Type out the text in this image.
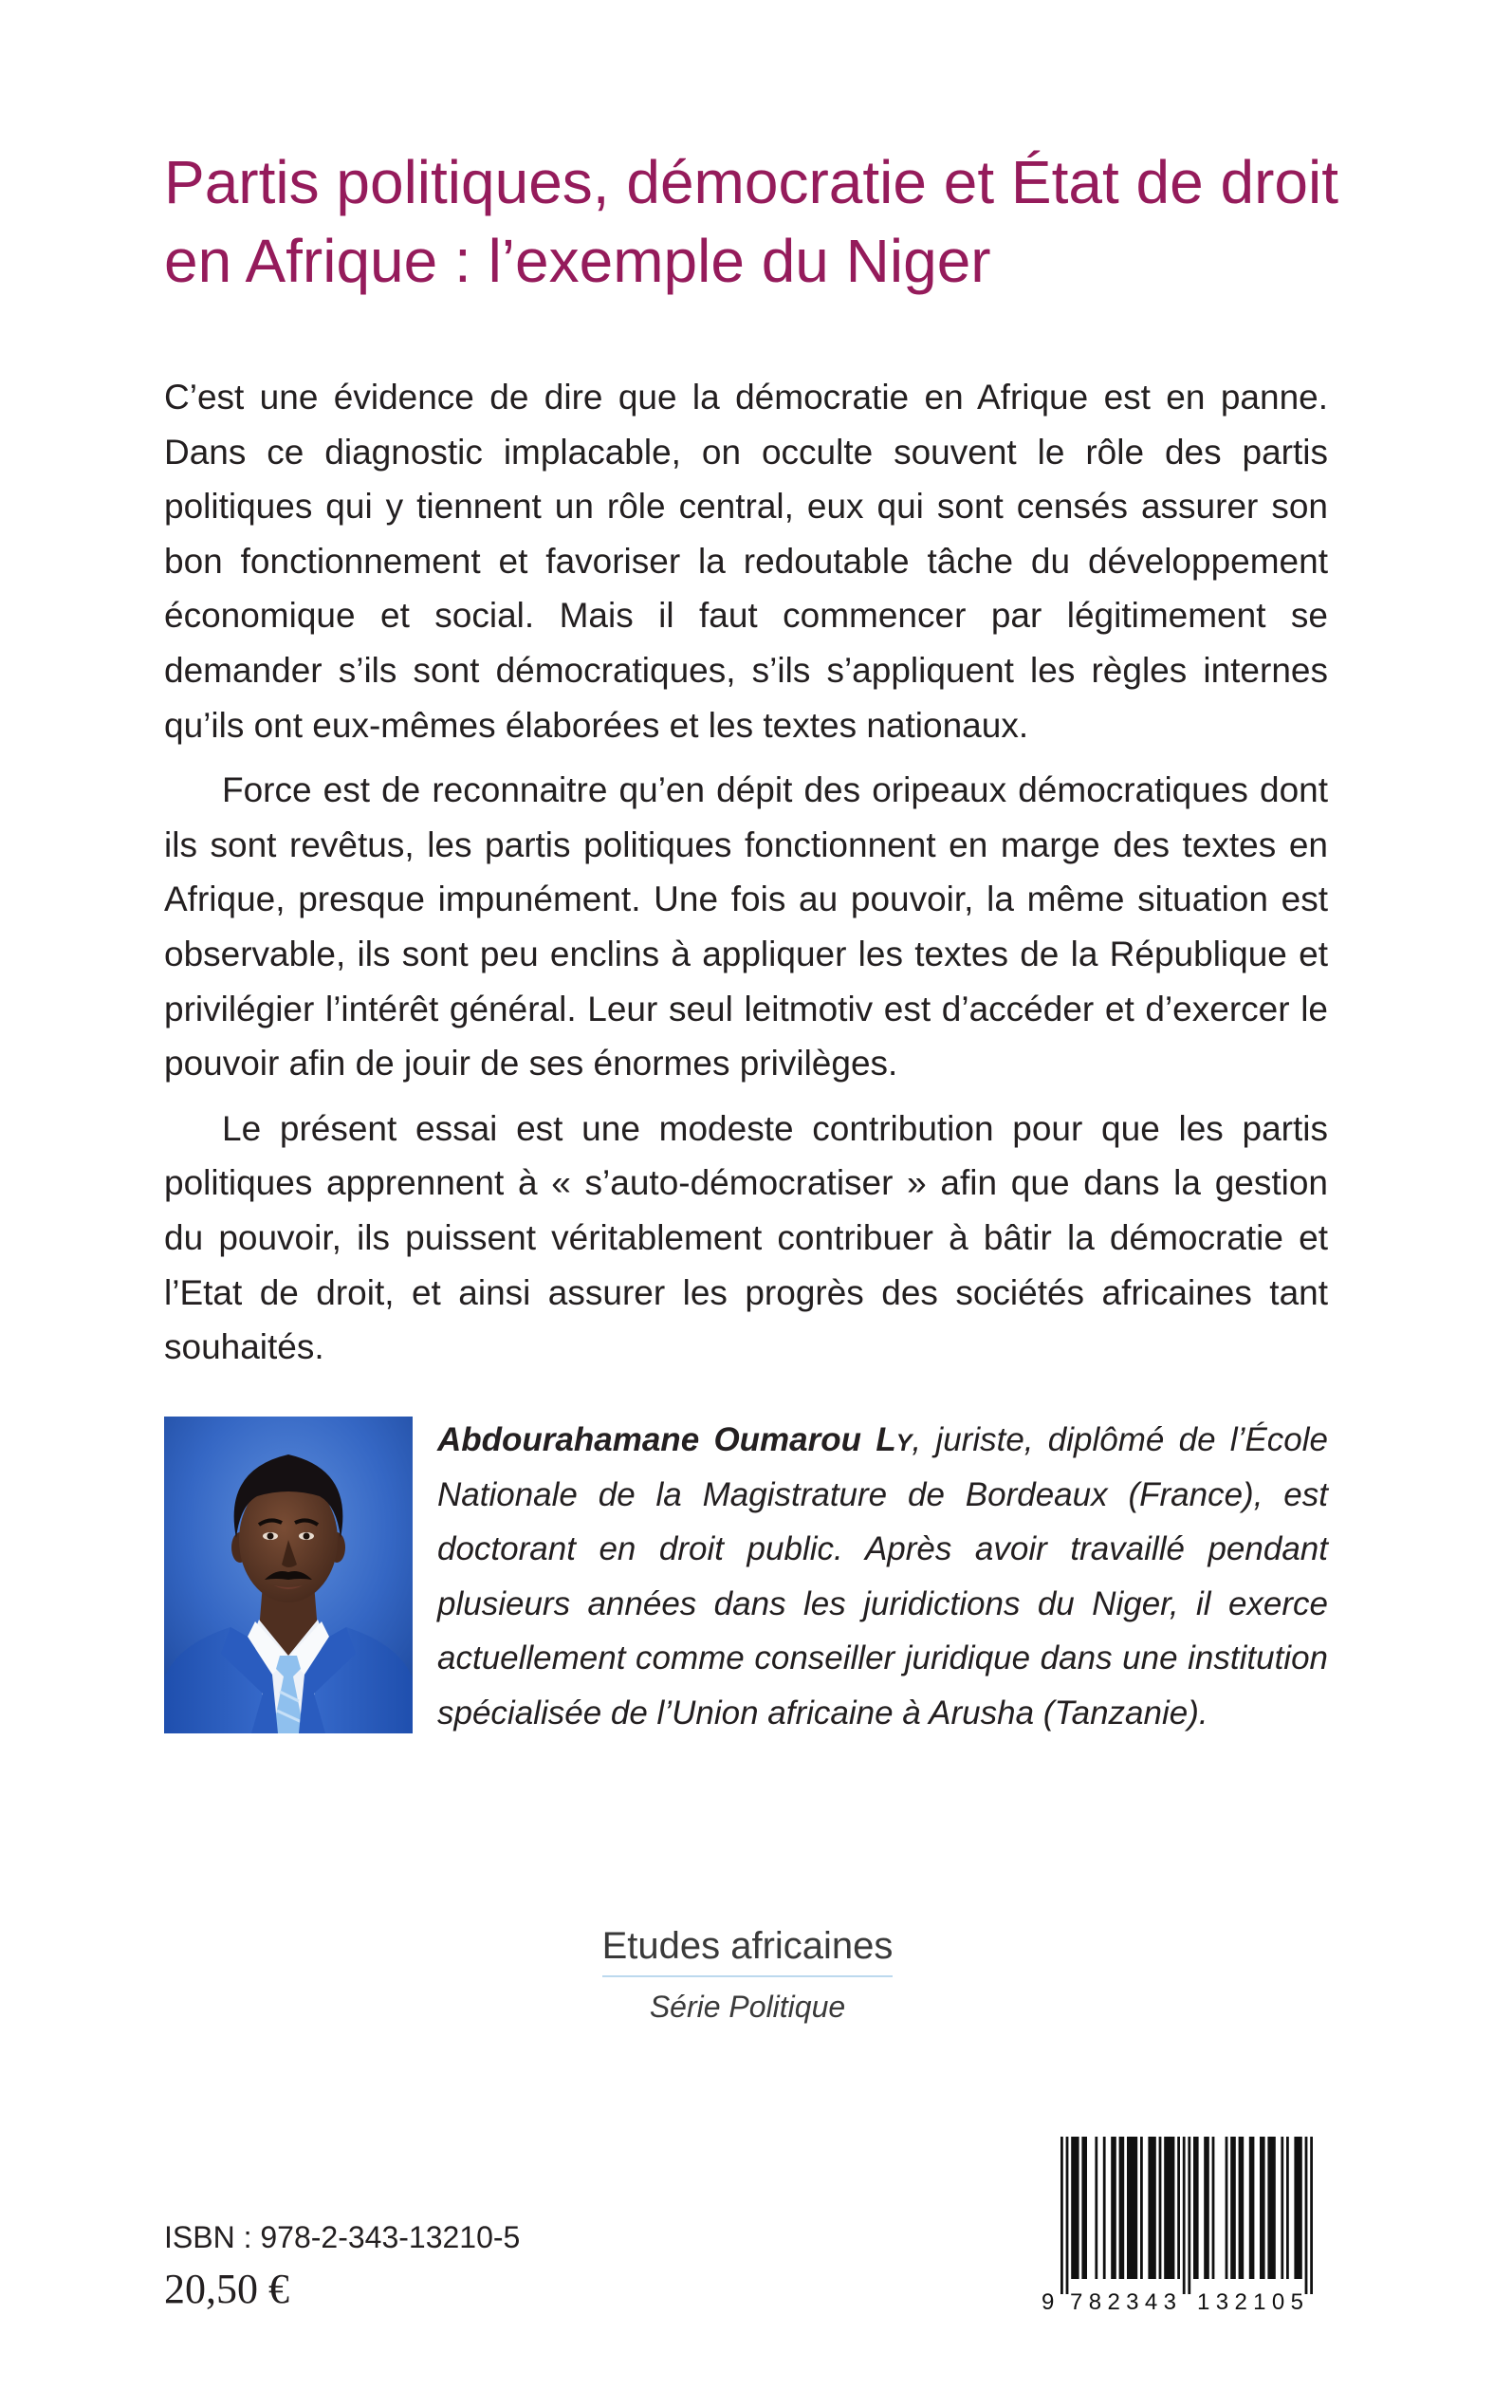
Partis politiques, démocratie et État de droit
en Afrique : l’exemple du Niger

C’est une évidence de dire que la démocratie en Afrique est en panne. Dans ce diagnostic implacable, on occulte souvent le rôle des partis politiques qui y tiennent un rôle central, eux qui sont censés assurer son bon fonctionnement et favoriser la redoutable tâche du développement économique et social. Mais il faut commencer par légitimement se demander s’ils sont démocratiques, s’ils s’appliquent les règles internes qu’ils ont eux-mêmes élaborées et les textes nationaux.

Force est de reconnaitre qu’en dépit des oripeaux démocratiques dont ils sont revêtus, les partis politiques fonctionnent en marge des textes en Afrique, presque impunément. Une fois au pouvoir, la même situation est observable, ils sont peu enclins à appliquer les textes de la République et privilégier l’intérêt général. Leur seul leitmotiv est d’accéder et d’exercer le pouvoir afin de jouir de ses énormes privilèges.

Le présent essai est une modeste contribution pour que les partis politiques apprennent à « s’auto-démocratiser » afin que dans la gestion du pouvoir, ils puissent véritablement contribuer à bâtir la démocratie et l’Etat de droit, et ainsi assurer les progrès des sociétés africaines tant souhaités.

Abdourahamane Oumarou Ly, juriste, diplômé de l’École Nationale de la Magistrature de Bordeaux (France), est doctorant en droit public. Après avoir travaillé pendant plusieurs années dans les juridictions du Niger, il exerce actuellement comme conseiller juridique dans une institution spécialisée de l’Union africaine à Arusha (Tanzanie).

Etudes africaines
Série Politique
ISBN : 978-2-343-13210-5
20,50 €	9 782343 132105
